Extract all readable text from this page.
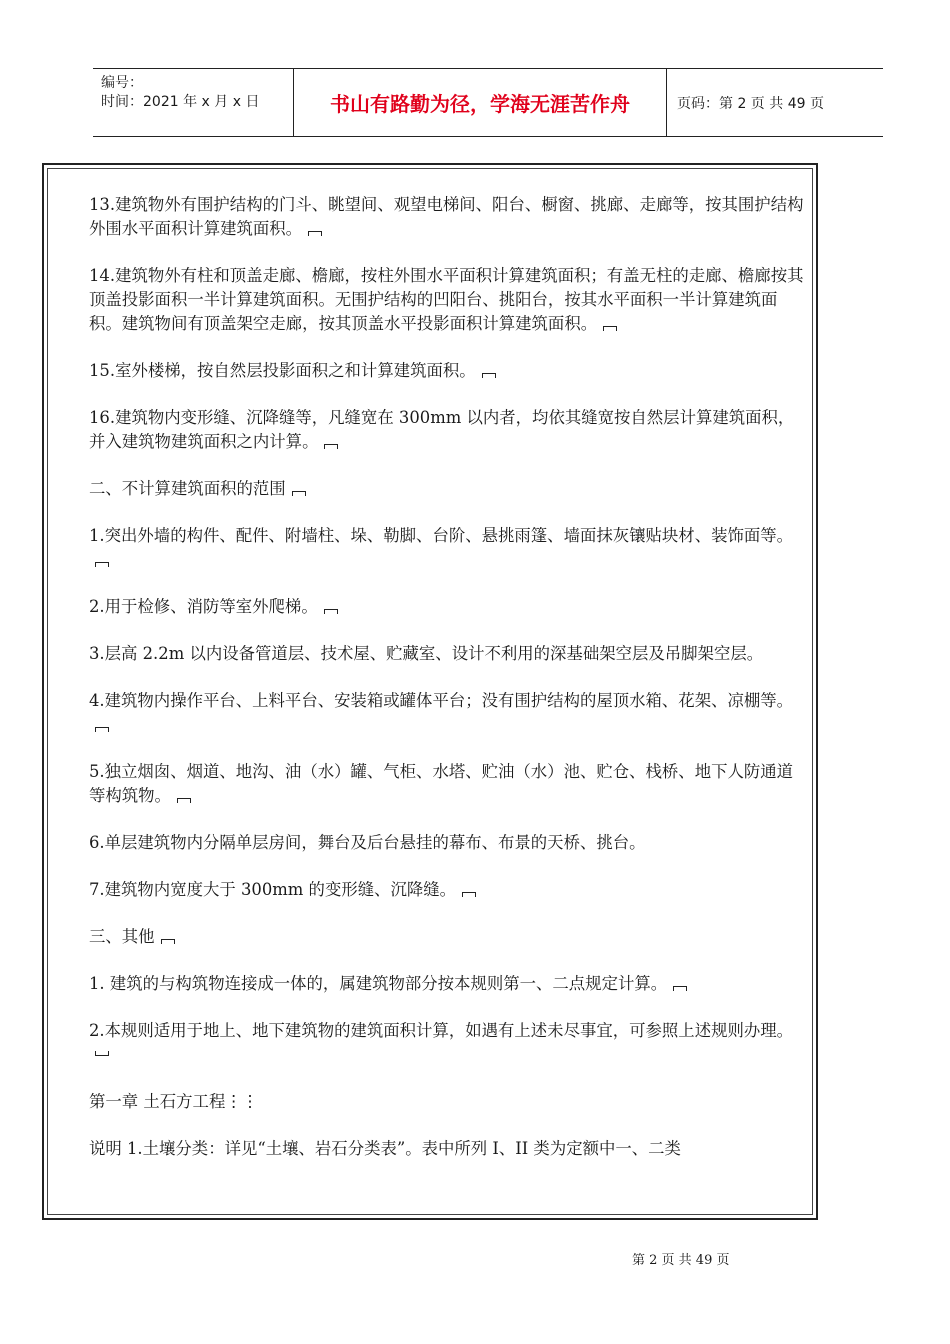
编号：
时间：2021 年 x 月 x 日	书山有路勤为径，学海无涯苦作舟	页码：第 2 页 共 49 页

13.建筑物外有围护结构的门斗、眺望间、观望电梯间、阳台、橱窗、挑廊、走廊等，按其围护结构外围水平面积计算建筑面积。

14.建筑物外有柱和顶盖走廊、檐廊，按柱外围水平面积计算建筑面积；有盖无柱的走廊、檐廊按其顶盖投影面积一半计算建筑面积。无围护结构的凹阳台、挑阳台，按其水平面积一半计算建筑面积。建筑物间有顶盖架空走廊，按其顶盖水平投影面积计算建筑面积。

15.室外楼梯，按自然层投影面积之和计算建筑面积。

16.建筑物内变形缝、沉降缝等，凡缝宽在 300mm 以内者，均依其缝宽按自然层计算建筑面积，并入建筑物建筑面积之内计算。

二、不计算建筑面积的范围

1.突出外墙的构件、配件、附墙柱、垛、勒脚、台阶、悬挑雨篷、墙面抹灰镶贴块材、装饰面等。

2.用于检修、消防等室外爬梯。

3.层高 2.2m 以内设备管道层、技术屋、贮藏室、设计不利用的深基础架空层及吊脚架空层。

4.建筑物内操作平台、上料平台、安装箱或罐体平台；没有围护结构的屋顶水箱、花架、凉棚等。

5.独立烟囱、烟道、地沟、油（水）罐、气柜、水塔、贮油（水）池、贮仓、栈桥、地下人防通道等构筑物。

6.单层建筑物内分隔单层房间，舞台及后台悬挂的幕布、布景的天桥、挑台。

7.建筑物内宽度大于 300mm 的变形缝、沉降缝。

三、其他

1. 建筑的与构筑物连接成一体的，属建筑物部分按本规则第一、二点规定计算。

2.本规则适用于地上、地下建筑物的建筑面积计算，如遇有上述未尽事宜，可参照上述规则办理。

第一章 土石方工程⋮⋮

说明 1.土壤分类：详见“土壤、岩石分类表”。表中所列 I、II 类为定额中一、二类

第 2 页 共 49 页
